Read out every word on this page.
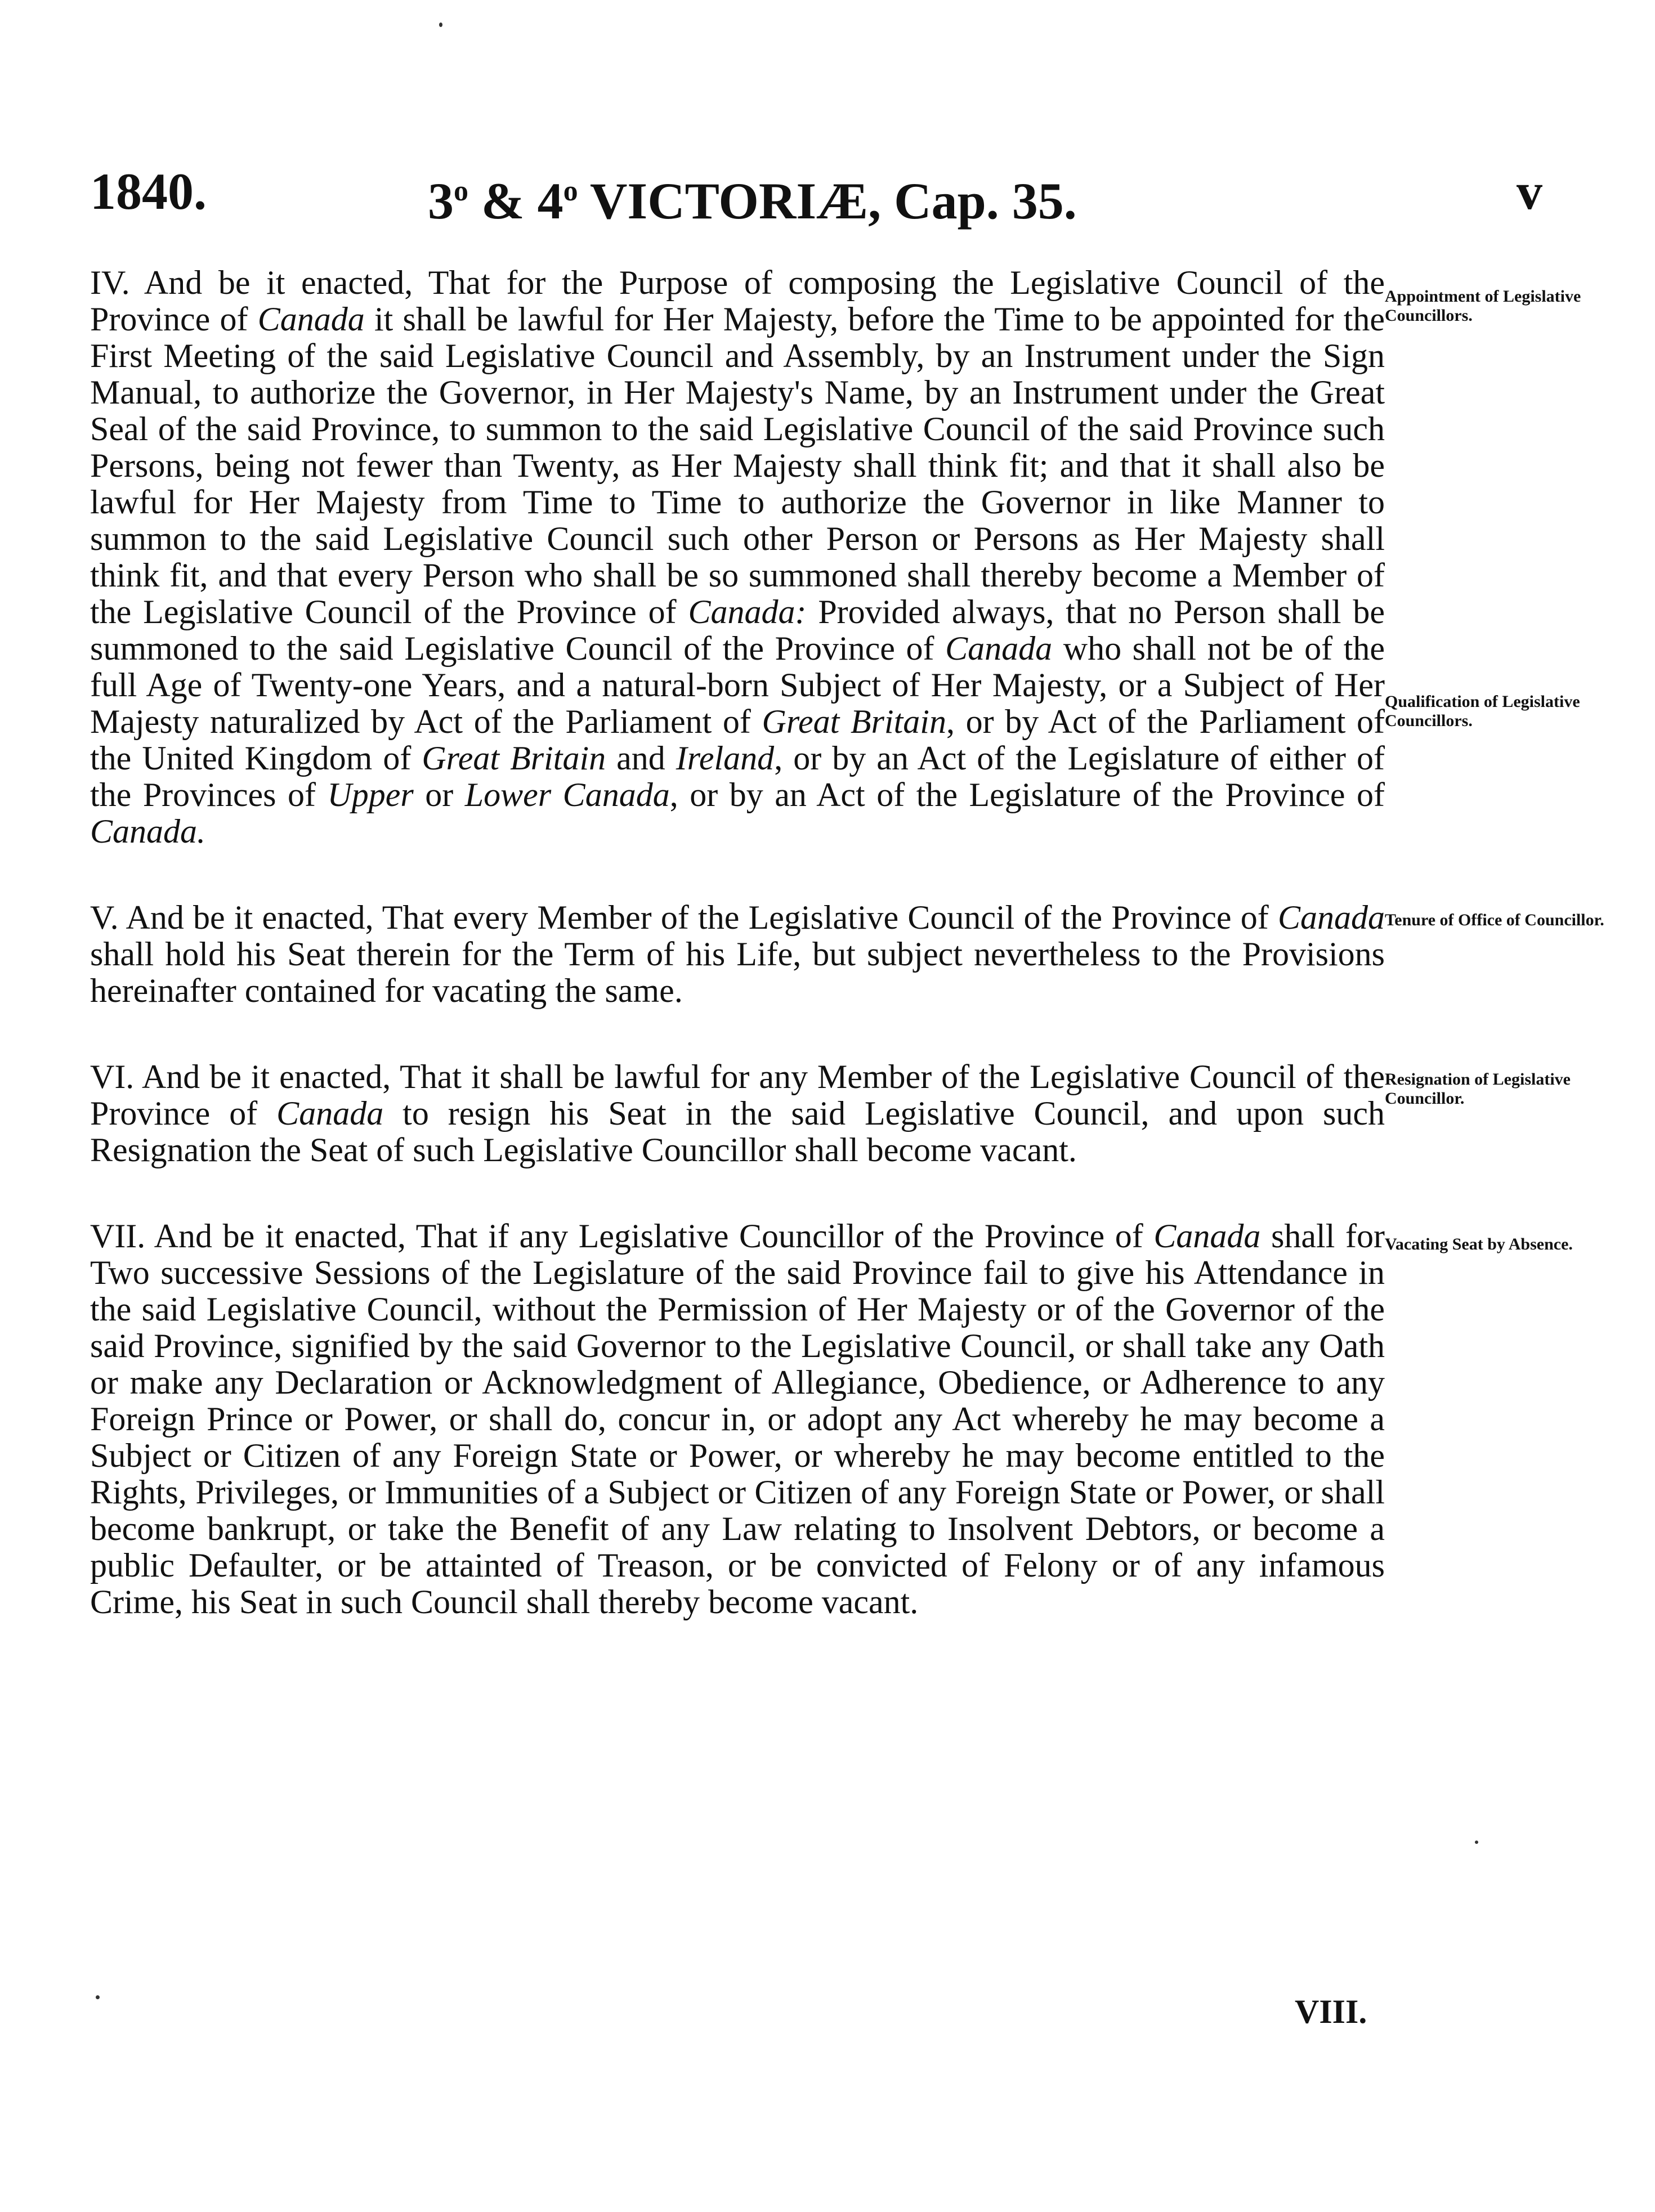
1840.	3$^o$ & 4$^o$ VICTORIÆ, Cap. 35.	v

IV. And be it enacted, That for the Purpose of composing the Legislative Council of the Province of Canada it shall be lawful for Her Majesty, before the Time to be appointed for the First Meeting of the said Legislative Council and Assembly, by an Instrument under the Sign Manual, to authorize the Governor, in Her Majesty's Name, by an Instrument under the Great Seal of the said Province, to summon to the said Legislative Council of the said Province such Persons, being not fewer than Twenty, as Her Majesty shall think fit; and that it shall also be lawful for Her Majesty from Time to Time to authorize the Governor in like Manner to summon to the said Legislative Council such other Person or Persons as Her Majesty shall think fit, and that every Person who shall be so summoned shall thereby become a Member of the Legislative Council of the Province of Canada: Provided always, that no Person shall be summoned to the said Legislative Council of the Province of Canada who shall not be of the full Age of Twenty-one Years, and a natural-born Subject of Her Majesty, or a Subject of Her Majesty naturalized by Act of the Parliament of Great Britain, or by Act of the Parliament of the United Kingdom of Great Britain and Ireland, or by an Act of the Legislature of either of the Provinces of Upper or Lower Canada, or by an Act of the Legislature of the Province of Canada.

Appointment of Legislative Councillors.
Qualification of Legislative Councillors.

V. And be it enacted, That every Member of the Legislative Council of the Province of Canada shall hold his Seat therein for the Term of his Life, but subject nevertheless to the Provisions hereinafter contained for vacating the same.

Tenure of Office of Councillor.

VI. And be it enacted, That it shall be lawful for any Member of the Legislative Council of the Province of Canada to resign his Seat in the said Legislative Council, and upon such Resignation the Seat of such Legislative Councillor shall become vacant.

Resignation of Legislative Councillor.

VII. And be it enacted, That if any Legislative Councillor of the Province of Canada shall for Two successive Sessions of the Legislature of the said Province fail to give his Attendance in the said Legislative Council, without the Permission of Her Majesty or of the Governor of the said Province, signified by the said Governor to the Legislative Council, or shall take any Oath or make any Declaration or Acknowledgment of Allegiance, Obedience, or Adherence to any Foreign Prince or Power, or shall do, concur in, or adopt any Act whereby he may become a Subject or Citizen of any Foreign State or Power, or whereby he may become entitled to the Rights, Privileges, or Immunities of a Subject or Citizen of any Foreign State or Power, or shall become bankrupt, or take the Benefit of any Law relating to Insolvent Debtors, or become a public Defaulter, or be attainted of Treason, or be convicted of Felony or of any infamous Crime, his Seat in such Council shall thereby become vacant.

Vacating Seat by Absence.
VIII.
